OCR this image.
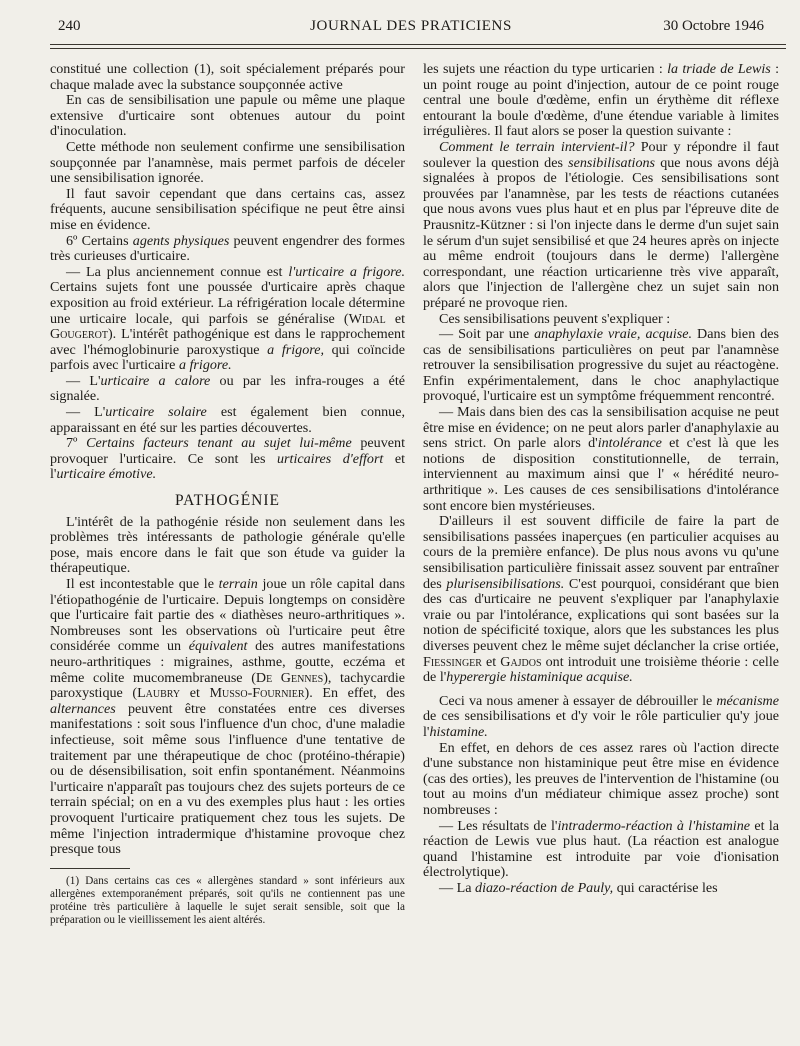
240	JOURNAL DES PRATICIENS	30 Octobre 1946

constitué une collection (1), soit spécialement préparés pour chaque malade avec la substance soupçonnée active

En cas de sensibilisation une papule ou même une plaque extensive d'urticaire sont obtenues autour du point d'inoculation.

Cette méthode non seulement confirme une sensibilisation soupçonnée par l'anamnèse, mais permet parfois de déceler une sensibilisation ignorée.

Il faut savoir cependant que dans certains cas, assez fréquents, aucune sensibilisation spécifique ne peut être ainsi mise en évidence.

6º Certains agents physiques peuvent engendrer des formes très curieuses d'urticaire.

— La plus anciennement connue est l'urticaire a frigore. Certains sujets font une poussée d'urticaire après chaque exposition au froid extérieur. La réfrigération locale détermine une urticaire locale, qui parfois se généralise (Widal et Gougerot). L'intérêt pathogénique est dans le rapprochement avec l'hémoglobinurie paroxystique a frigore, qui coïncide parfois avec l'urticaire a frigore.

— L'urticaire a calore ou par les infra-rouges a été signalée.

— L'urticaire solaire est également bien connue, apparaissant en été sur les parties découvertes.

7º Certains facteurs tenant au sujet lui-même peuvent provoquer l'urticaire. Ce sont les urticaires d'effort et l'urticaire émotive.

PATHOGÉNIE

L'intérêt de la pathogénie réside non seulement dans les problèmes très intéressants de pathologie générale qu'elle pose, mais encore dans le fait que son étude va guider la thérapeutique.

Il est incontestable que le terrain joue un rôle capital dans l'étiopathogénie de l'urticaire. Depuis longtemps on considère que l'urticaire fait partie des « diathèses neuro-arthritiques ». Nombreuses sont les observations où l'urticaire peut être considérée comme un équivalent des autres manifestations neuro-arthritiques : migraines, asthme, goutte, eczéma et même colite mucomembraneuse (De Gennes), tachycardie paroxystique (Laubry et Musso-Fournier). En effet, des alternances peuvent être constatées entre ces diverses manifestations : soit sous l'influence d'un choc, d'une maladie infectieuse, soit même sous l'influence d'une tentative de traitement par une thérapeutique de choc (protéino-thérapie) ou de désensibilisation, soit enfin spontanément. Néanmoins l'urticaire n'apparaît pas toujours chez des sujets porteurs de ce terrain spécial; on en a vu des exemples plus haut : les orties provoquent l'urticaire pratiquement chez tous les sujets. De même l'injection intradermique d'histamine provoque chez presque tous

(1) Dans certains cas ces « allergènes standard » sont inférieurs aux allergènes extemporanément préparés, soit qu'ils ne contiennent pas une protéine très particulière à laquelle le sujet serait sensible, soit que la préparation ou le vieillissement les aient altérés.

les sujets une réaction du type urticarien : la triade de Lewis : un point rouge au point d'injection, autour de ce point rouge central une boule d'œdème, enfin un érythème dit réflexe entourant la boule d'œdème, d'une étendue variable à limites irrégulières. Il faut alors se poser la question suivante :

Comment le terrain intervient-il? Pour y répondre il faut soulever la question des sensibilisations que nous avons déjà signalées à propos de l'étiologie. Ces sensibilisations sont prouvées par l'anamnèse, par les tests de réactions cutanées que nous avons vues plus haut et en plus par l'épreuve dite de Prausnitz-Kützner : si l'on injecte dans le derme d'un sujet sain le sérum d'un sujet sensibilisé et que 24 heures après on injecte au même endroit (toujours dans le derme) l'allergène correspondant, une réaction urticarienne très vive apparaît, alors que l'injection de l'allergène chez un sujet sain non préparé ne provoque rien.

Ces sensibilisations peuvent s'expliquer :

— Soit par une anaphylaxie vraie, acquise. Dans bien des cas de sensibilisations particulières on peut par l'anamnèse retrouver la sensibilisation progressive du sujet au réactogène. Enfin expérimentalement, dans le choc anaphylactique provoqué, l'urticaire est un symptôme fréquemment rencontré.

— Mais dans bien des cas la sensibilisation acquise ne peut être mise en évidence; on ne peut alors parler d'anaphylaxie au sens strict. On parle alors d'intolérance et c'est là que les notions de disposition constitutionnelle, de terrain, interviennent au maximum ainsi que l' « hérédité neuro-arthritique ». Les causes de ces sensibilisations d'intolérance sont encore bien mystérieuses.

D'ailleurs il est souvent difficile de faire la part de sensibilisations passées inaperçues (en particulier acquises au cours de la première enfance). De plus nous avons vu qu'une sensibilisation particulière finissait assez souvent par entraîner des plurisensibilisations. C'est pourquoi, considérant que bien des cas d'urticaire ne peuvent s'expliquer par l'anaphylaxie vraie ou par l'intolérance, explications qui sont basées sur la notion de spécificité toxique, alors que les substances les plus diverses peuvent chez le même sujet déclancher la crise ortiée, Fiessinger et Gajdos ont introduit une troisième théorie : celle de l'hyperergie histaminique acquise.

Ceci va nous amener à essayer de débrouiller le mécanisme de ces sensibilisations et d'y voir le rôle particulier qu'y joue l'histamine.

En effet, en dehors de ces assez rares où l'action directe d'une substance non histaminique peut être mise en évidence (cas des orties), les preuves de l'intervention de l'histamine (ou tout au moins d'un médiateur chimique assez proche) sont nombreuses :

— Les résultats de l'intradermo-réaction à l'histamine et la réaction de Lewis vue plus haut. (La réaction est analogue quand l'histamine est introduite par voie d'ionisation électrolytique).

— La diazo-réaction de Pauly, qui caractérise les
